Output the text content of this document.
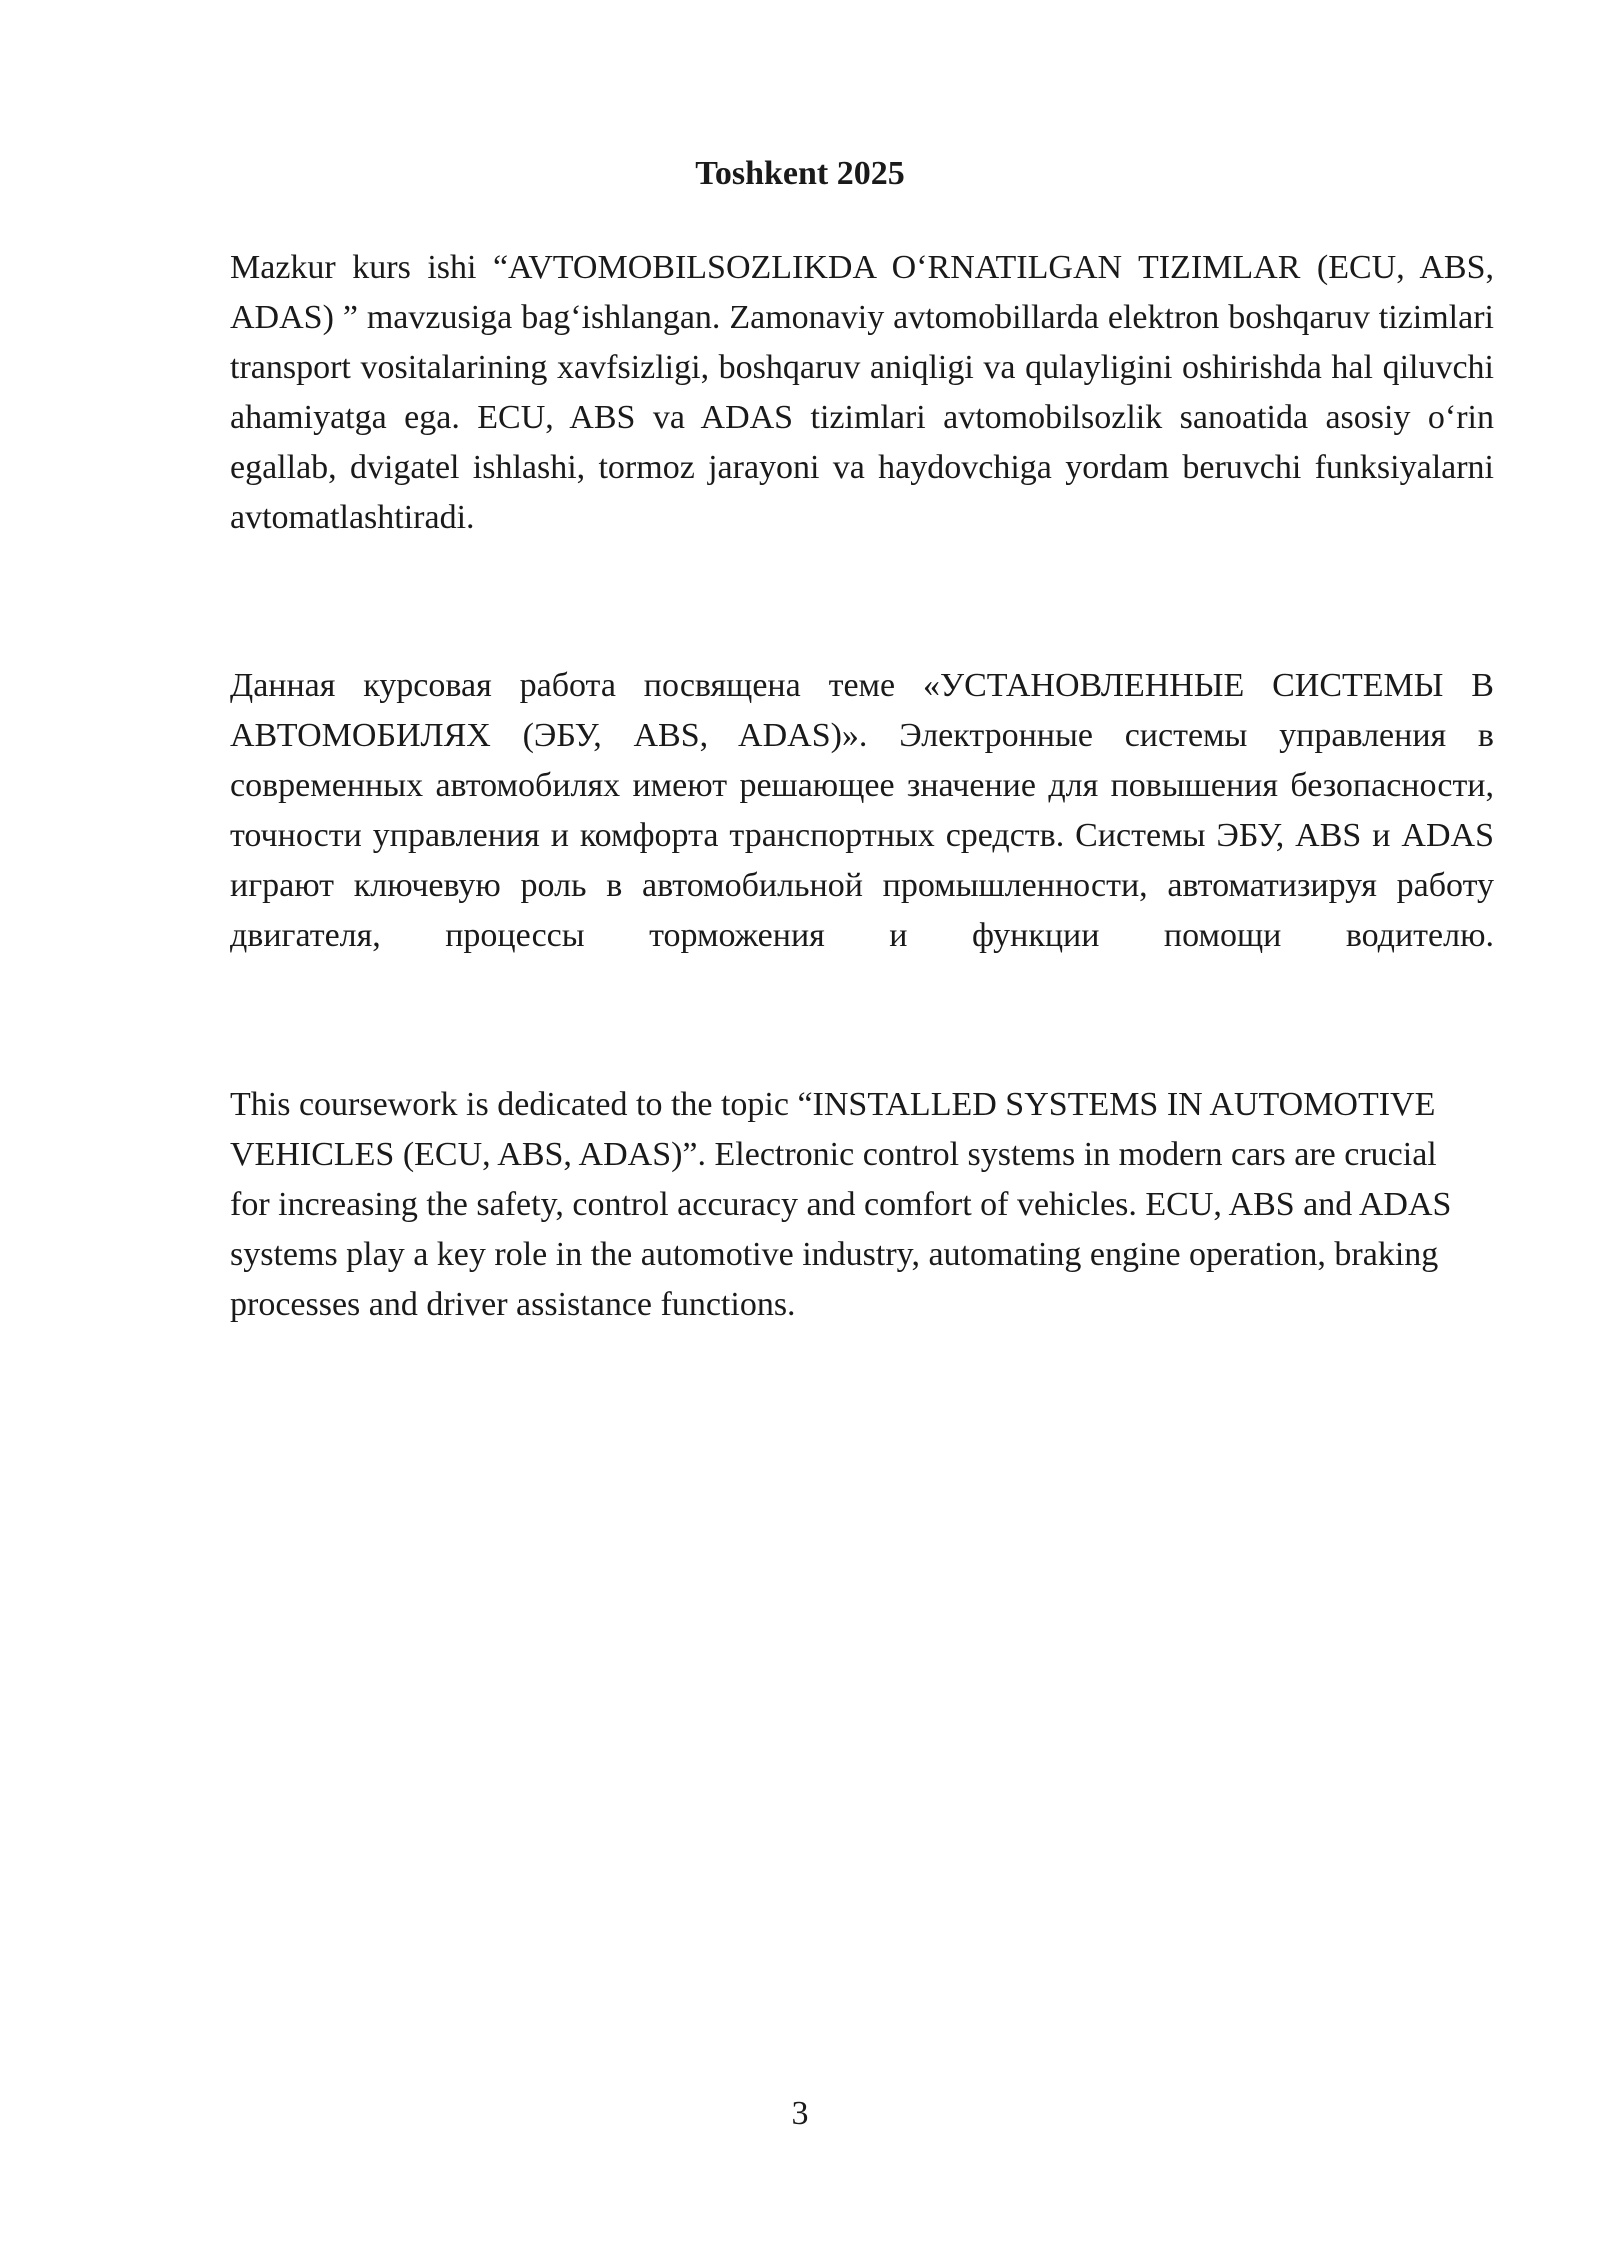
Toshkent 2025

Mazkur kurs ishi “AVTOMOBILSOZLIKDA O‘RNATILGAN TIZIMLAR (ECU, ABS, ADAS) ” mavzusiga bag‘ishlangan. Zamonaviy avtomobillarda elektron boshqaruv tizimlari transport vositalarining xavfsizligi, boshqaruv aniqligi va qulayligini oshirishda hal qiluvchi ahamiyatga ega. ECU, ABS va ADAS tizimlari avtomobilsozlik sanoatida asosiy o‘rin egallab, dvigatel ishlashi, tormoz jarayoni va haydovchiga yordam beruvchi funksiyalarni avtomatlashtiradi.

Данная курсовая работа посвящена теме «УСТАНОВЛЕННЫЕ СИСТЕМЫ В АВТОМОБИЛЯХ (ЭБУ, ABS, ADAS)». Электронные системы управления в современных автомобилях имеют решающее значение для повышения безопасности, точности управления и комфорта транспортных средств. Системы ЭБУ, ABS и ADAS играют ключевую роль в автомобильной промышленности, автоматизируя работу двигателя, процессы торможения и функции помощи водителю.

This coursework is dedicated to the topic “INSTALLED SYSTEMS IN AUTOMOTIVE VEHICLES (ECU, ABS, ADAS)”. Electronic control systems in modern cars are crucial for increasing the safety, control accuracy and comfort of vehicles. ECU, ABS and ADAS systems play a key role in the automotive industry, automating engine operation, braking processes and driver assistance functions.

3
